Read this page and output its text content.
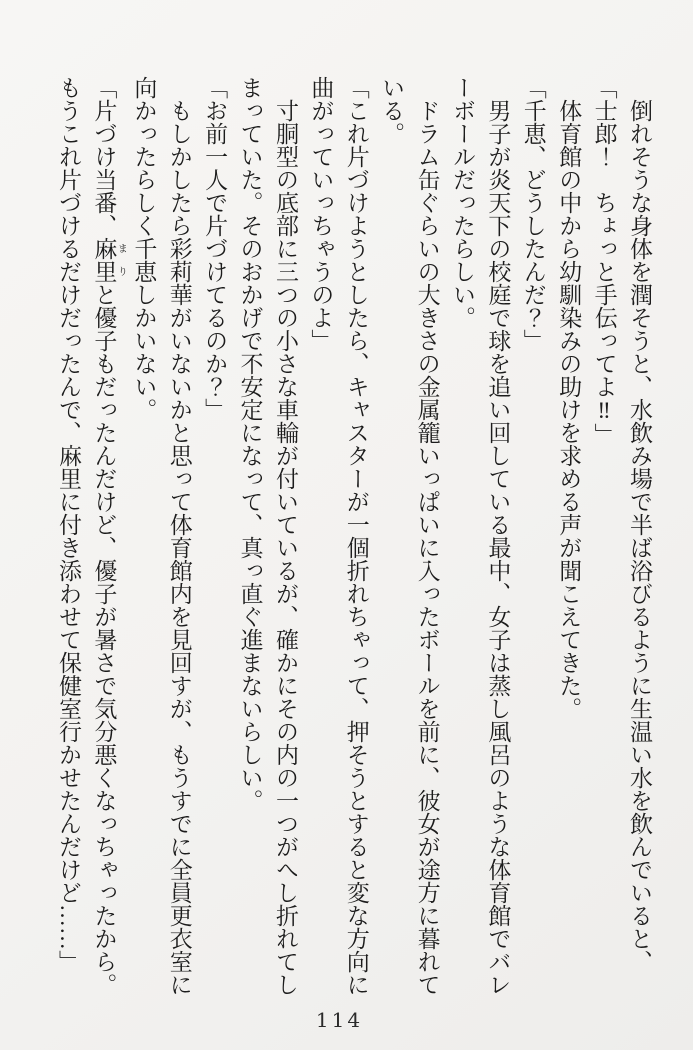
倒れそうな身体を潤そうと、水飲み場で半ば浴びるように生温い水を飲んでいると、

「士郎！　ちょっと手伝ってよ‼」

体育館の中から幼馴染みの助けを求める声が聞こえてきた。

「千恵、どうしたんだ？」

男子が炎天下の校庭で球を追い回している最中、女子は蒸し風呂のような体育館でバレーボールだったらしい。

ドラム缶ぐらいの大きさの金属籠いっぱいに入ったボールを前に、彼女が途方に暮れている。

「これ片づけようとしたら、キャスターが一個折れちゃって、押そうとすると変な方向に曲がっていっちゃうのよ」

寸胴型の底部に三つの小さな車輪が付いているが、確かにその内の一つがへし折れてしまっていた。そのおかげで不安定になって、真っ直ぐ進まないらしい。

「お前一人で片づけてるのか？」

もしかしたら彩莉華がいないかと思って体育館内を見回すが、もうすでに全員更衣室に向かったらしく千恵しかいない。

「片づけ当番、麻里 まりと優子もだったんだけど、優子が暑さで気分悪くなっちゃったから。もうこれ片づけるだけだったんで、麻里に付き添わせて保健室行かせたんだけど……」

114
